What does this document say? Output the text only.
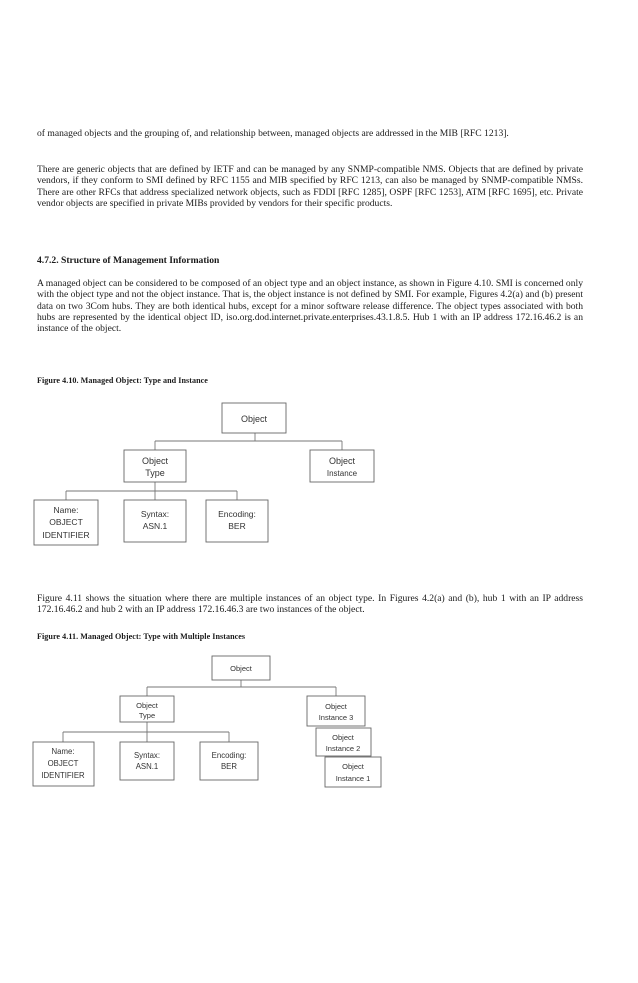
of managed objects and the grouping of, and relationship between, managed objects are addressed in the MIB [RFC 1213].

There are generic objects that are defined by IETF and can be managed by any SNMP-compatible NMS. Objects that are defined by private vendors, if they conform to SMI defined by RFC 1155 and MIB specified by RFC 1213, can also be managed by SNMP-compatible NMSs. There are other RFCs that address specialized network objects, such as FDDI [RFC 1285], OSPF [RFC 1253], ATM [RFC 1695], etc. Private vendor objects are specified in private MIBs provided by vendors for their specific products.

4.7.2. Structure of Management Information

A managed object can be considered to be composed of an object type and an object instance, as shown in Figure 4.10. SMI is concerned only with the object type and not the object instance. That is, the object instance is not defined by SMI. For example, Figures 4.2(a) and (b) present data on two 3Com hubs. They are both identical hubs, except for a minor software release difference. The object types associated with both hubs are represented by the identical object ID, iso.org.dod.internet.private.enterprises.43.1.8.5. Hub 1 with an IP address 172.16.46.2 is an instance of the object.

Figure 4.10. Managed Object: Type and Instance

Object
Object
Type
Object
Instance
Name:
OBJECT
IDENTIFIER
Syntax:
ASN.1
Encoding:
BER

Figure 4.11 shows the situation where there are multiple instances of an object type. In Figures 4.2(a) and (b), hub 1 with an IP address 172.16.46.2 and hub 2 with an IP address 172.16.46.3 are two instances of the object.

Figure 4.11. Managed Object: Type with Multiple Instances

Object
Object
Type
Object
Instance 3
Object
Instance 2
Object
Instance 1
Name:
OBJECT
IDENTIFIER
Syntax:
ASN.1
Encoding:
BER
